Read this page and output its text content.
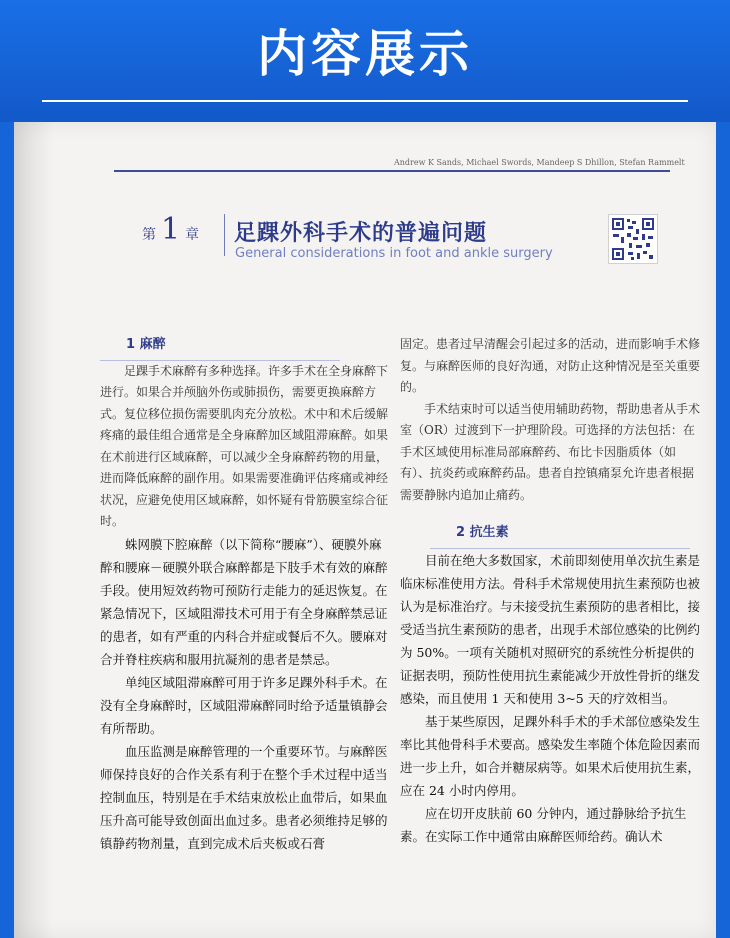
内容展示
Andrew K Sands, Michael Swords, Mandeep S Dhillon, Stefan Rammelt
第 1 章 足踝外科手术的普遍问题
General considerations in foot and ankle surgery

1 麻醉

足踝手术麻醉有多种选择。许多手术在全身麻醉下进行。如果合并颅脑外伤或肺损伤，需要更换麻醉方式。复位移位损伤需要肌肉充分放松。术中和术后缓解疼痛的最佳组合通常是全身麻醉加区域阻滞麻醉。如果在术前进行区域麻醉，可以减少全身麻醉药物的用量，进而降低麻醉的副作用。如果需要准确评估疼痛或神经状况，应避免使用区域麻醉，如怀疑有骨筋膜室综合征时。

蛛网膜下腔麻醉（以下简称“腰麻”）、硬膜外麻醉和腰麻－硬膜外联合麻醉都是下肢手术有效的麻醉手段。使用短效药物可预防行走能力的延迟恢复。在紧急情况下，区域阻滞技术可用于有全身麻醉禁忌证的患者，如有严重的内科合并症或餐后不久。腰麻对合并脊柱疾病和服用抗凝剂的患者是禁忌。

单纯区域阻滞麻醉可用于许多足踝外科手术。在没有全身麻醉时，区域阻滞麻醉同时给予适量镇静会有所帮助。

血压监测是麻醉管理的一个重要环节。与麻醉医师保持良好的合作关系有利于在整个手术过程中适当控制血压，特别是在手术结束放松止血带后，如果血压升高可能导致创面出血过多。患者必须维持足够的镇静药物剂量，直到完成术后夹板或石膏

固定。患者过早清醒会引起过多的活动，进而影响手术修复。与麻醉医师的良好沟通，对防止这种情况是至关重要的。

手术结束时可以适当使用辅助药物，帮助患者从手术室（OR）过渡到下一护理阶段。可选择的方法包括：在手术区域使用标准局部麻醉药、布比卡因脂质体（如有）、抗炎药或麻醉药品。患者自控镇痛泵允许患者根据需要静脉内追加止痛药。

2 抗生素

目前在绝大多数国家，术前即刻使用单次抗生素是临床标准使用方法。骨科手术常规使用抗生素预防也被认为是标准治疗。与未接受抗生素预防的患者相比，接受适当抗生素预防的患者，出现手术部位感染的比例约为 50%。一项有关随机对照研究的系统性分析提供的证据表明，预防性使用抗生素能减少开放性骨折的继发感染，而且使用 1 天和使用 3~5 天的疗效相当。

基于某些原因，足踝外科手术的手术部位感染发生率比其他骨科手术要高。感染发生率随个体危险因素而进一步上升，如合并糖尿病等。如果术后使用抗生素，应在 24 小时内停用。

应在切开皮肤前 60 分钟内，通过静脉给予抗生素。在实际工作中通常由麻醉医师给药。确认术
